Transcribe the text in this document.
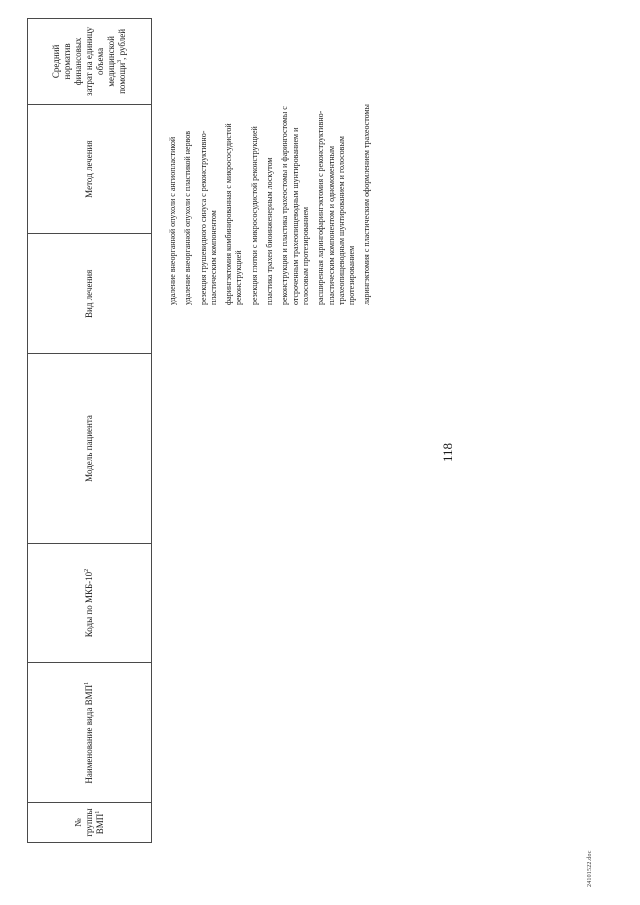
118
№ группы ВМП$^1$
Наименование вида ВМП$^1$
Коды по МКБ-$10^2$
Модель пациента
Вид лечения
Метод лечения
Средний норматив финансовых затрат на единицу объема медицинской помощи$^3$, рублей
удаление внеорганной опухоли с ангиопластикой удаление внеорганной опухоли с пластикой нервов резекция грушевидного синуса с реконструктивно-пластическим компонентом фарингэктомия комбинированная с микрососудистой реконструкцией резекция глотки с микрососудистой реконструкцией пластика трахеи биоинженерным лоскутом реконструкция и пластика трахеостомы и фарингостомы с отсроченным трахеопищеводным шунтированием и голосовым протезированием расширенная ларингофарингэктомия с реконструктивно-пластическим компонентом и одномоментным трахеопищеводным шунтированием и голосовым протезированием ларингэктомия с пластическим оформлением трахеостомы
24101522.doc
